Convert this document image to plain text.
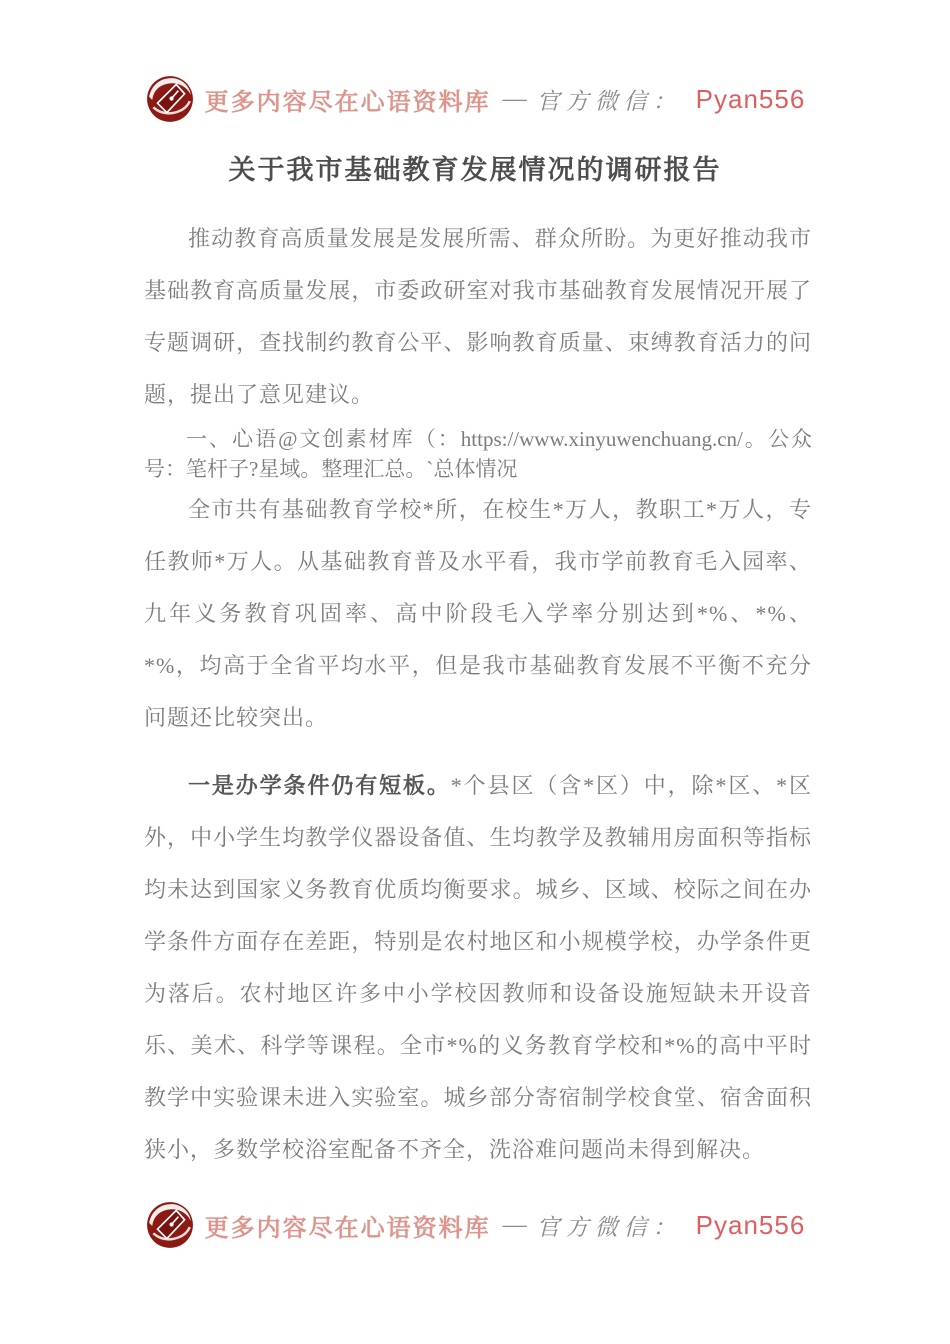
更多内容尽在心语资料库 — 官方微信： Pyan556
关于我市基础教育发展情况的调研报告

推动教育高质量发展是发展所需、群众所盼。为更好推动我市基础教育高质量发展，市委政研室对我市基础教育发展情况开展了专题调研，查找制约教育公平、影响教育质量、束缚教育活力的问题，提出了意见建议。

一、心语@文创素材库（：https://www.xinyuwenchuang.cn/。公众号：笔杆子?星域。整理汇总。`总体情况

全市共有基础教育学校*所，在校生*万人，教职工*万人，专任教师*万人。从基础教育普及水平看，我市学前教育毛入园率、九年义务教育巩固率、高中阶段毛入学率分别达到*%、*%、*%，均高于全省平均水平，但是我市基础教育发展不平衡不充分问题还比较突出。

一是办学条件仍有短板。*个县区（含*区）中，除*区、*区外，中小学生均教学仪器设备值、生均教学及教辅用房面积等指标均未达到国家义务教育优质均衡要求。城乡、区域、校际之间在办学条件方面存在差距，特别是农村地区和小规模学校，办学条件更为落后。农村地区许多中小学校因教师和设备设施短缺未开设音乐、美术、科学等课程。全市*%的义务教育学校和*%的高中平时教学中实验课未进入实验室。城乡部分寄宿制学校食堂、宿舍面积狭小，多数学校浴室配备不齐全，洗浴难问题尚未得到解决。

更多内容尽在心语资料库 — 官方微信： Pyan556
